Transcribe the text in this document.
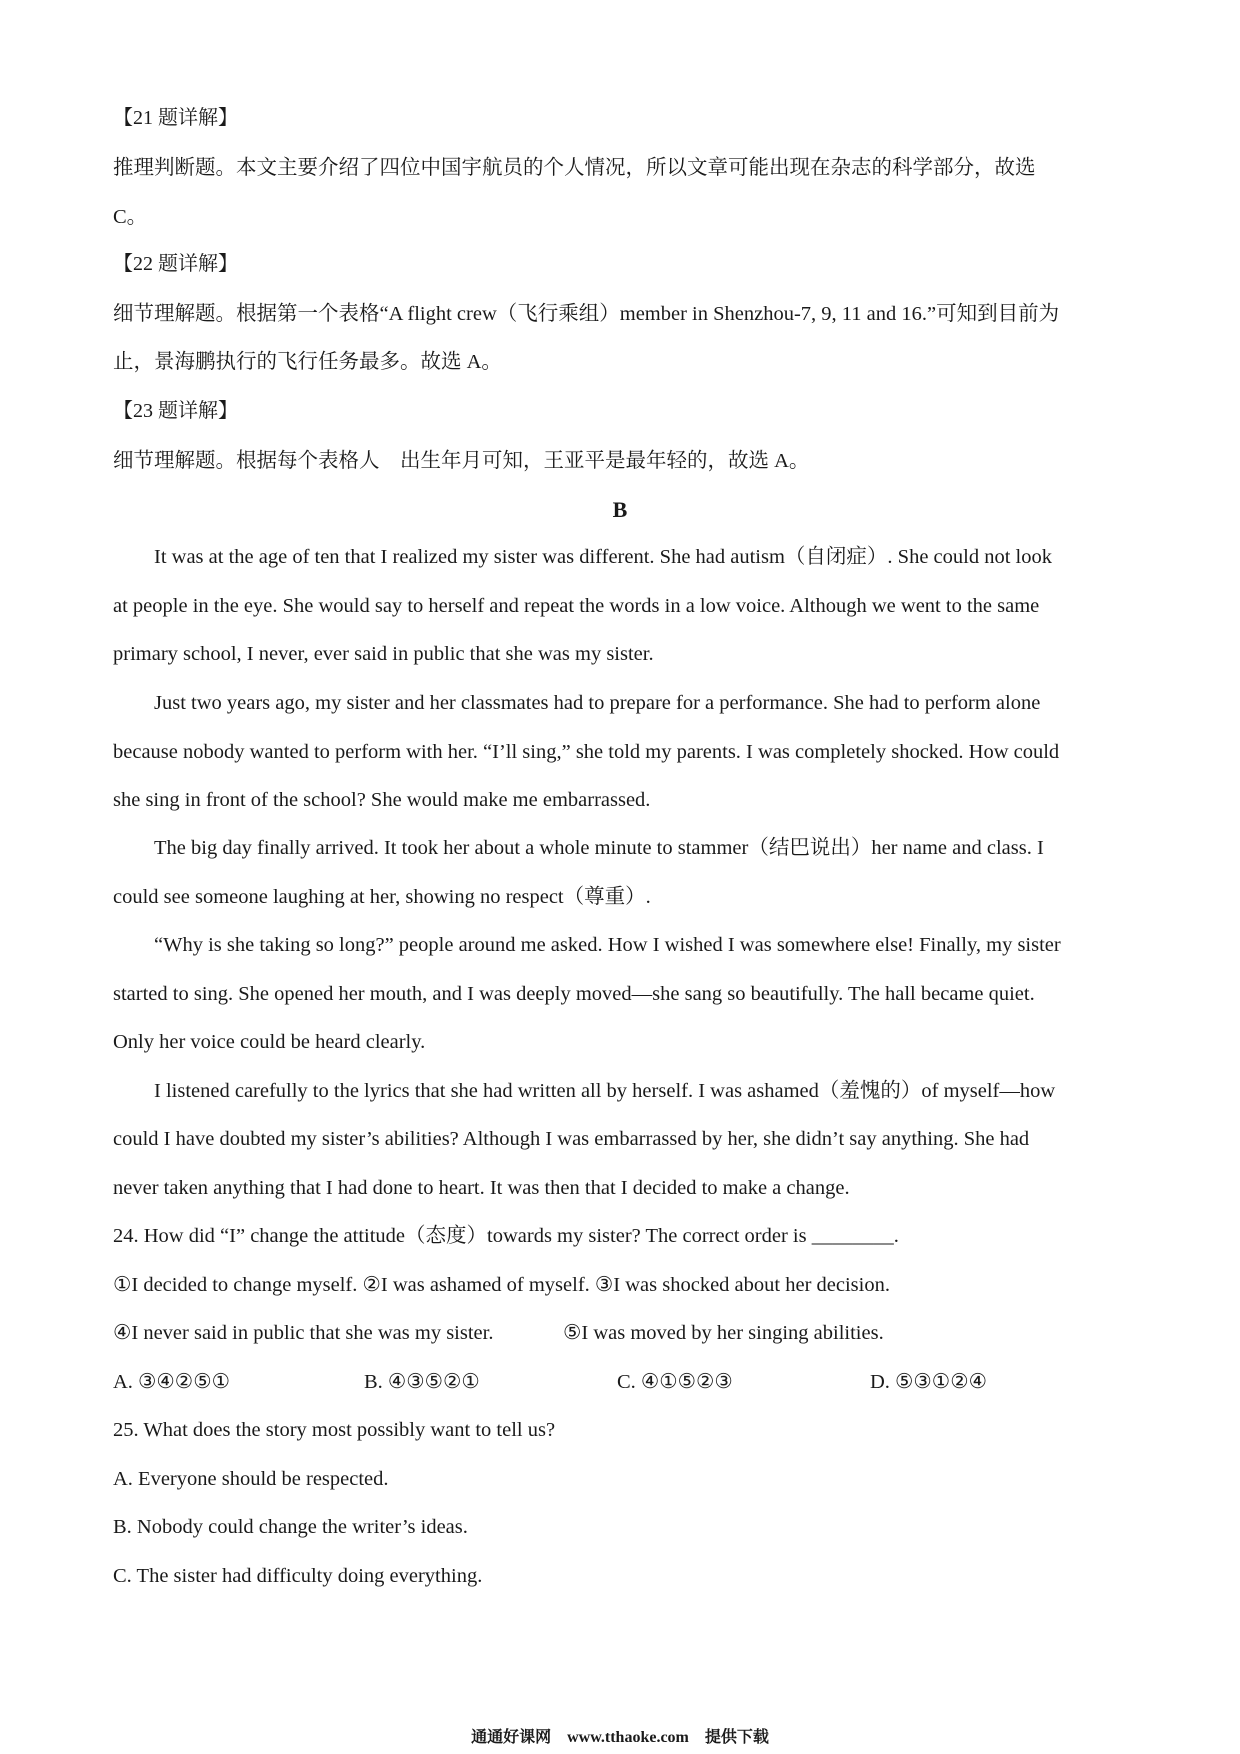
【21 题详解】
推理判断题。本文主要介绍了四位中国宇航员的个人情况，所以文章可能出现在杂志的科学部分，故选
C。
【22 题详解】
细节理解题。根据第一个表格“A flight crew（飞行乘组）member in Shenzhou-7, 9, 11 and 16.”可知到目前为
止，景海鹏执行的飞行任务最多。故选 A。
【23 题详解】
细节理解题。根据每个表格人　出生年月可知，王亚平是最年轻的，故选 A。
B
It was at the age of ten that I realized my sister was different. She had autism（自闭症）. She could not look
at people in the eye. She would say to herself and repeat the words in a low voice. Although we went to the same
primary school, I never, ever said in public that she was my sister.
Just two years ago, my sister and her classmates had to prepare for a performance. She had to perform alone
because nobody wanted to perform with her. “I’ll sing,” she told my parents. I was completely shocked. How could
she sing in front of the school? She would make me embarrassed.
The big day finally arrived. It took her about a whole minute to stammer（结巴说出）her name and class. I
could see someone laughing at her, showing no respect（尊重）.
“Why is she taking so long?” people around me asked. How I wished I was somewhere else! Finally, my sister
started to sing. She opened her mouth, and I was deeply moved—she sang so beautifully. The hall became quiet.
Only her voice could be heard clearly.
I listened carefully to the lyrics that she had written all by herself. I was ashamed（羞愧的）of myself—how
could I have doubted my sister’s abilities? Although I was embarrassed by her, she didn’t say anything. She had
never taken anything that I had done to heart. It was then that I decided to make a change.
24. How did “I” change the attitude（态度）towards my sister? The correct order is ________.
①I decided to change myself. ②I was ashamed of myself. ③I was shocked about her decision.
④I never said in public that she was my sister.	⑤I was moved by her singing abilities.
A. ③④②⑤①	B. ④③⑤②①	C. ④①⑤②③	D. ⑤③①②④
25. What does the story most possibly want to tell us?
A. Everyone should be respected.
B. Nobody could change the writer’s ideas.
C. The sister had difficulty doing everything.
通通好课网　www.tthaoke.com　提供下载
